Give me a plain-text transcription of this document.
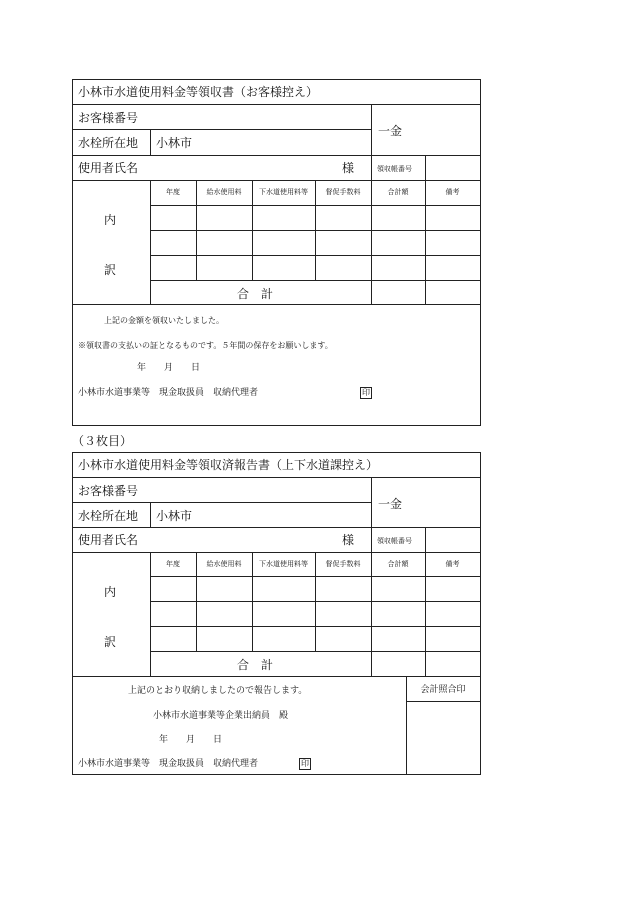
小林市水道使用料金等領収書（お客様控え）
お客様番号
一金
水栓所在地 小林市
使用者氏名	様	領収帳番号
年度	給水使用料	下水道使用料等	督促手数料	合計額	備考
内
訳
合　計
上記の金額を領収いたしました。
※領収書の支払いの証となるものです。５年間の保存をお願いします。
年　　月　　日
小林市水道事業等　現金取扱員　収納代理者	印
（３枚目）
小林市水道使用料金等領収済報告書（上下水道課控え）
お客様番号
一金
水栓所在地 小林市
使用者氏名	様	領収帳番号
年度	給水使用料	下水道使用料等	督促手数料	合計額	備考
内
訳
合　計
上記のとおり収納しましたので報告します。
小林市水道事業等企業出納員　殿
年　　月　　日
小林市水道事業等　現金取扱員　収納代理者	印
会計照合印
